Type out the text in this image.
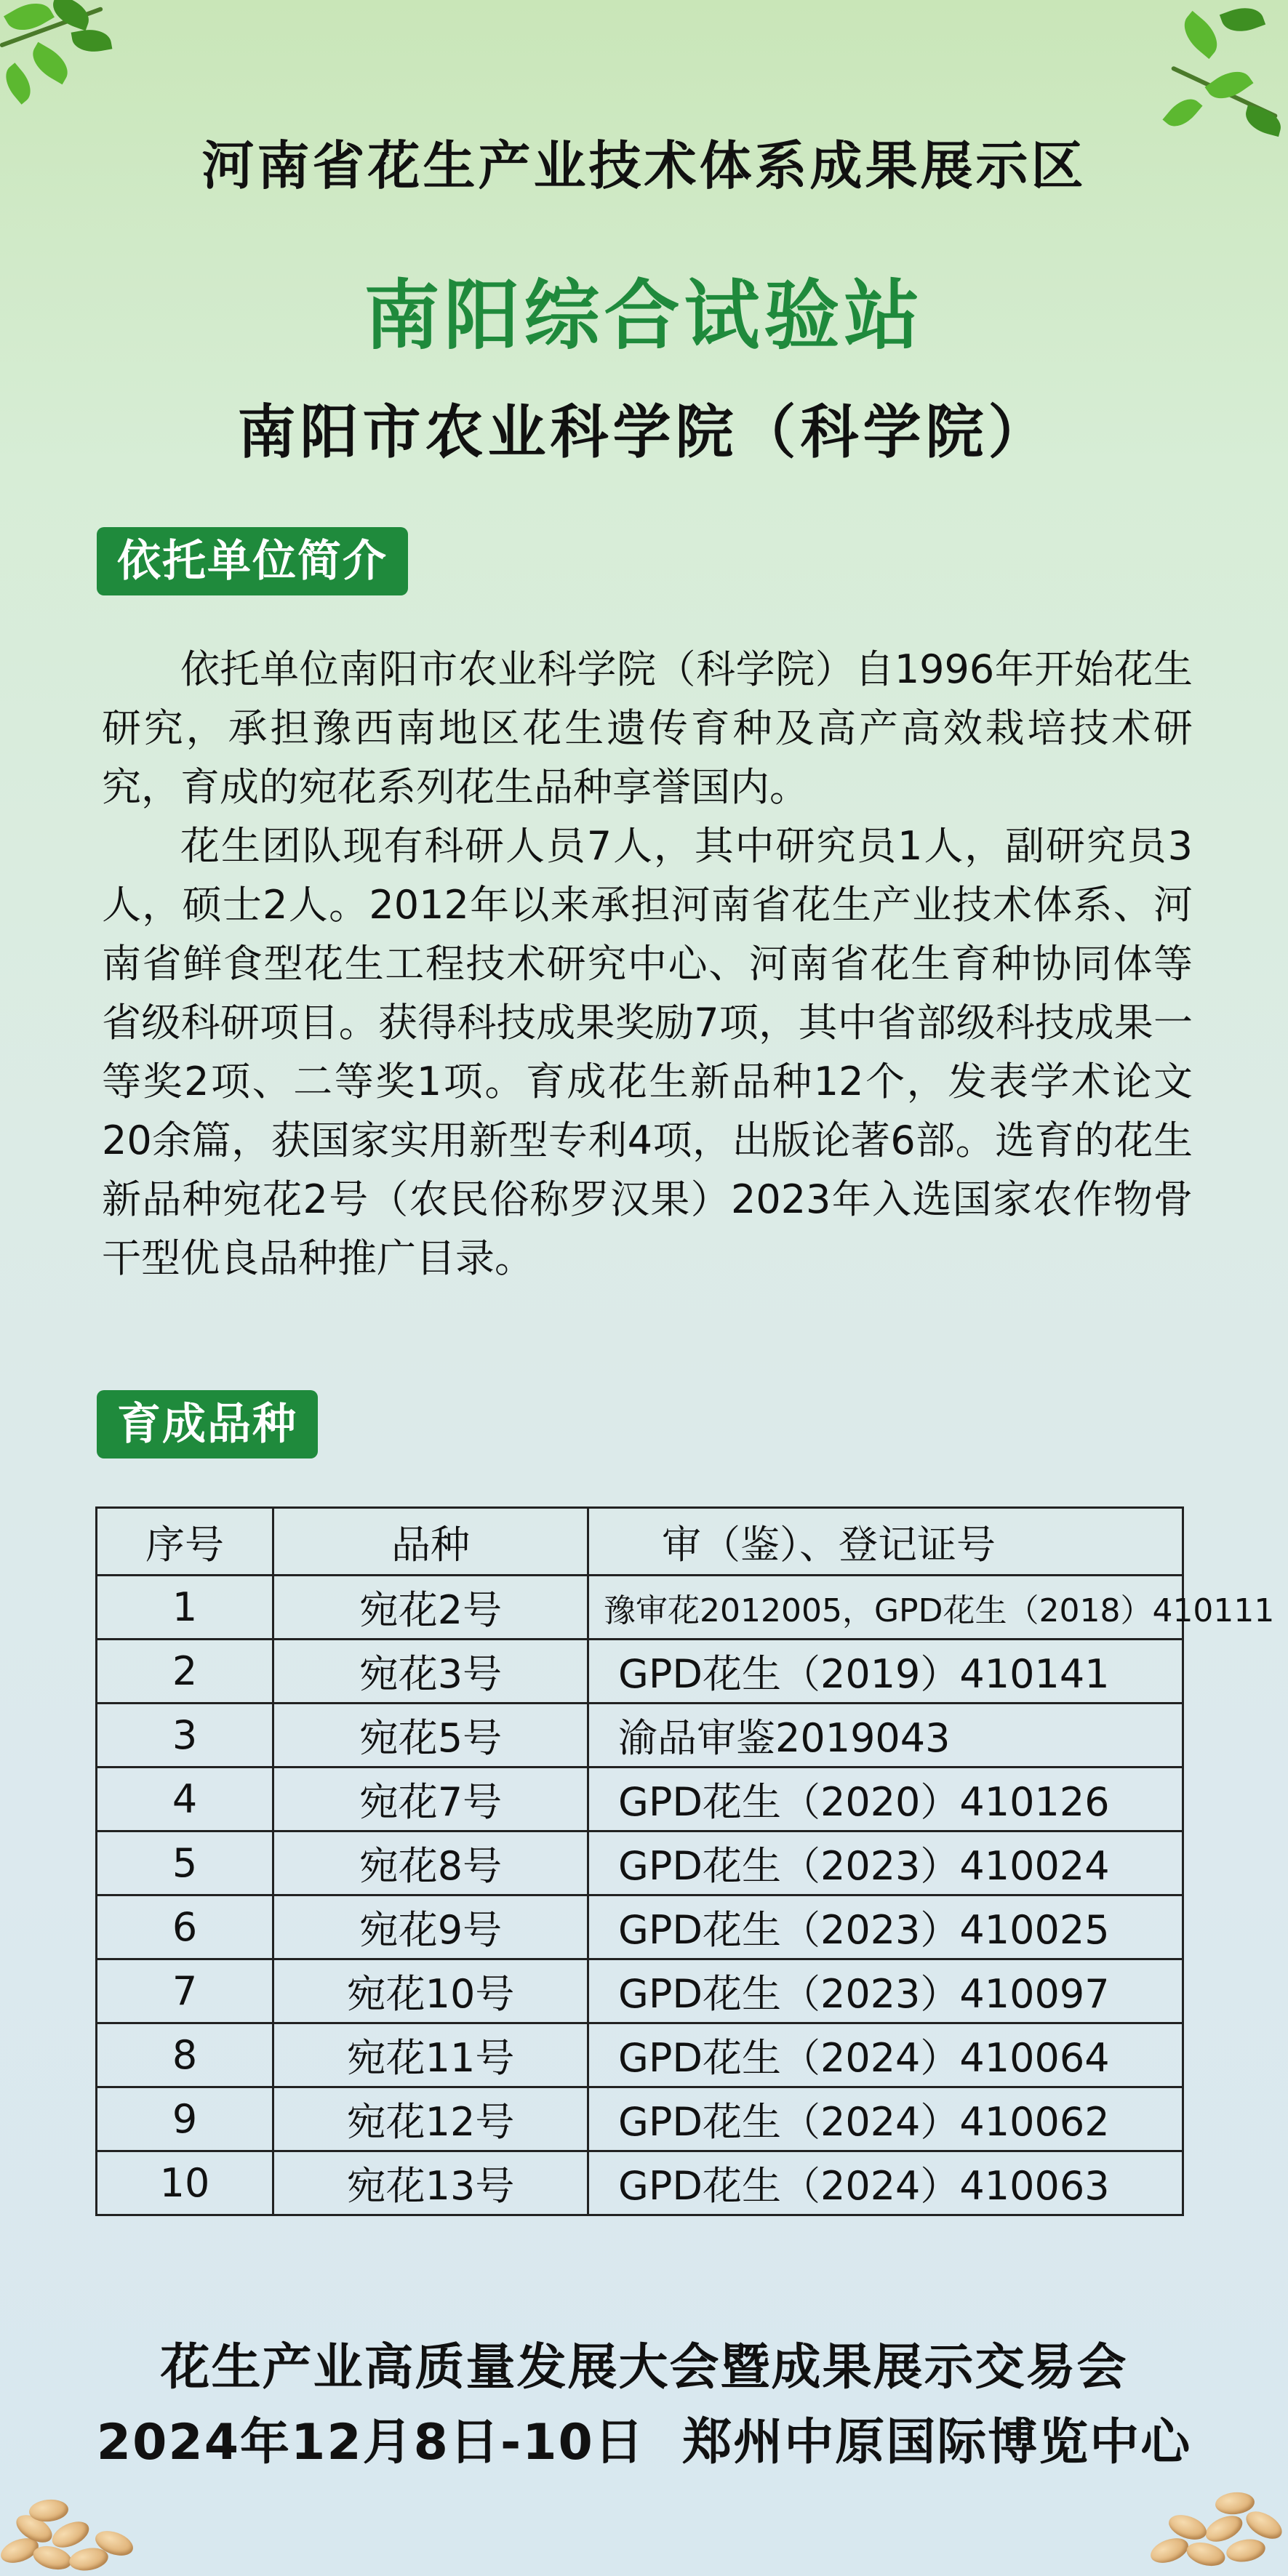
河南省花生产业技术体系成果展示区
南阳综合试验站
南阳市农业科学院（科学院）
依托单位简介

依托单位南阳市农业科学院（科学院）自1996年开始花生研究，承担豫西南地区花生遗传育种及高产高效栽培技术研究，育成的宛花系列花生品种享誉国内。

花生团队现有科研人员7人，其中研究员1人，副研究员3人，硕士2人。2012年以来承担河南省花生产业技术体系、河南省鲜食型花生工程技术研究中心、河南省花生育种协同体等省级科研项目。获得科技成果奖励7项，其中省部级科技成果一等奖2项、二等奖1项。育成花生新品种12个，发表学术论文20余篇，获国家实用新型专利4项，出版论著6部。选育的花生新品种宛花2号（农民俗称罗汉果）2023年入选国家农作物骨干型优良品种推广目录。

育成品种
序号	品种	审（鉴）、登记证号
1	宛花2号	豫审花2012005，GPD花生（2018）410111
2	宛花3号	GPD花生（2019）410141
3	宛花5号	渝品审鉴2019043
4	宛花7号	GPD花生（2020）410126
5	宛花8号	GPD花生（2023）410024
6	宛花9号	GPD花生（2023）410025
7	宛花10号	GPD花生（2023）410097
8	宛花11号	GPD花生（2024）410064
9	宛花12号	GPD花生（2024）410062
10	宛花13号	GPD花生（2024）410063
花生产业高质量发展大会暨成果展示交易会
2024年12月8日-10日  郑州中原国际博览中心
